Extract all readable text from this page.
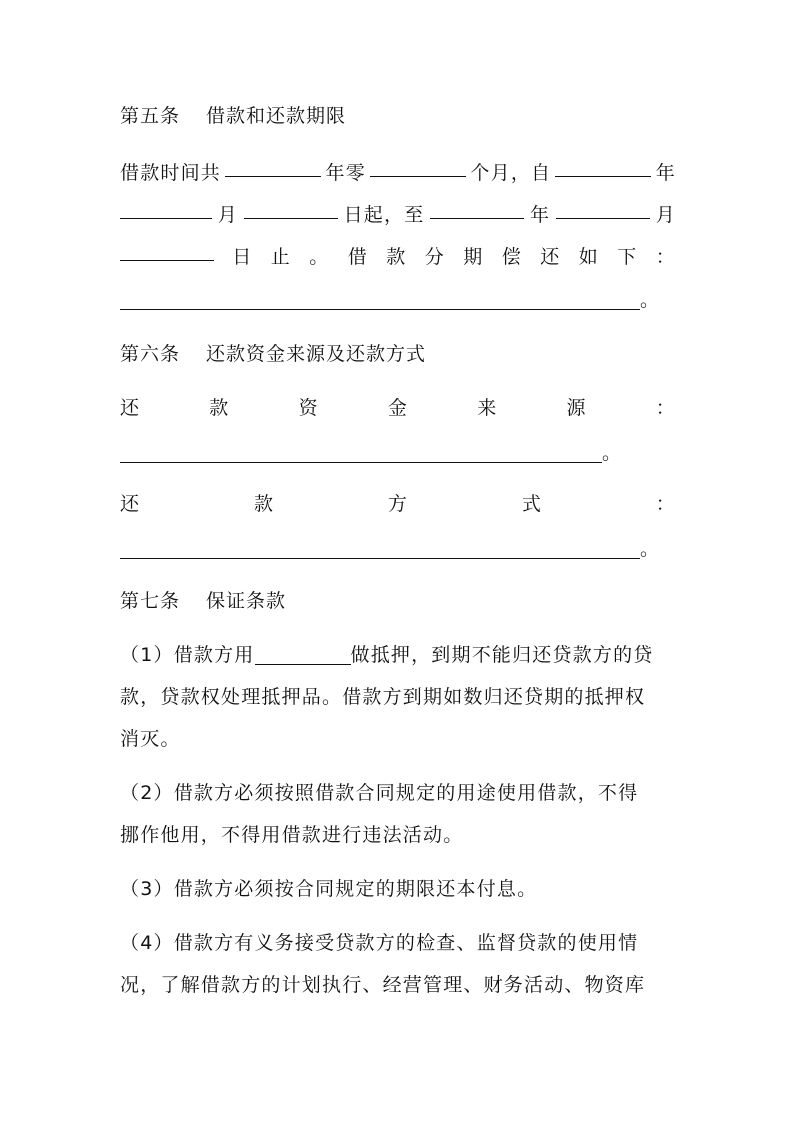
第五条 借款和还款期限
借款时间共	年零	个月，自	年
月	日起，至	年	月
日 止 。 借 款 分 期 偿 还 如 下 ：
。
第六条 还款资金来源及还款方式
还	款	资	金	来	源	：
。
还	款	方	式	：
。
第七条 保证条款
（1）借款方用	做抵押，到期不能归还贷款方的贷
款，贷款权处理抵押品。借款方到期如数归还贷期的抵押权
消灭。
（2）借款方必须按照借款合同规定的用途使用借款，不得
挪作他用，不得用借款进行违法活动。
（3）借款方必须按合同规定的期限还本付息。
（4）借款方有义务接受贷款方的检查、监督贷款的使用情
况，了解借款方的计划执行、经营管理、财务活动、物资库
